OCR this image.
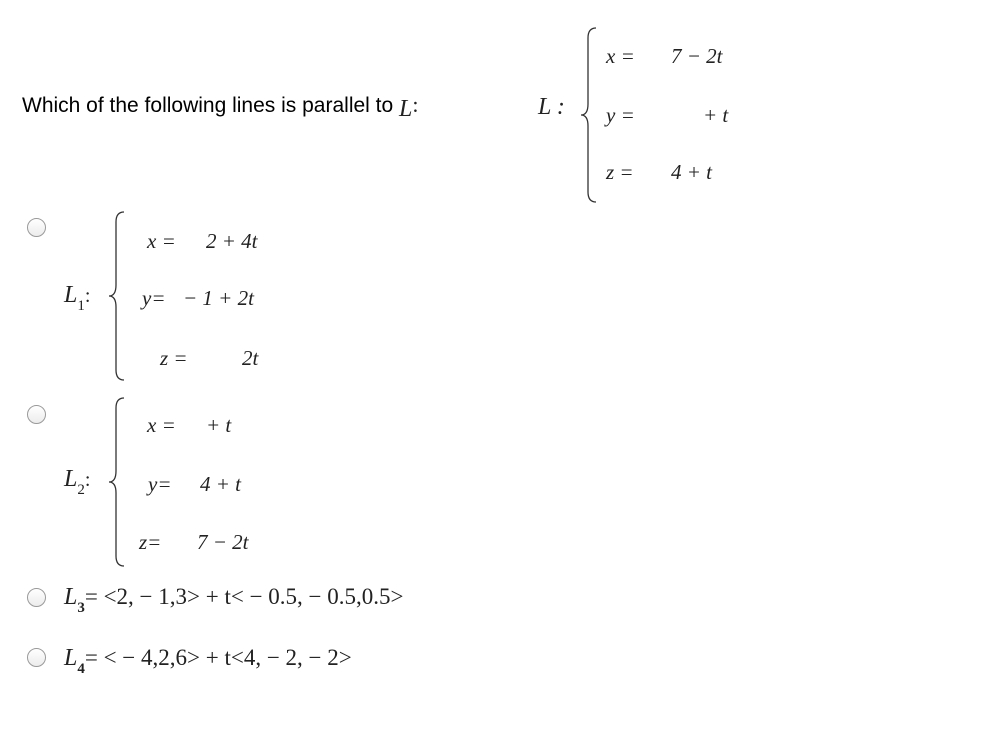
Which of the following lines is parallel to L:	L :
x = 7 − 2t
y =	+ t
z = 4 + t
$L_1$:
x = 2 + 4t
y= − 1 + 2t
z =	2t
$L_2$:
x = + t
y= 4 + t
z= 7 − 2t
$L_3= <2$, − 1,3> + t< − 0.5, − 0.5,0.5>
$L_4=$ < − 4,2,6> + t<4, − 2, − 2>
